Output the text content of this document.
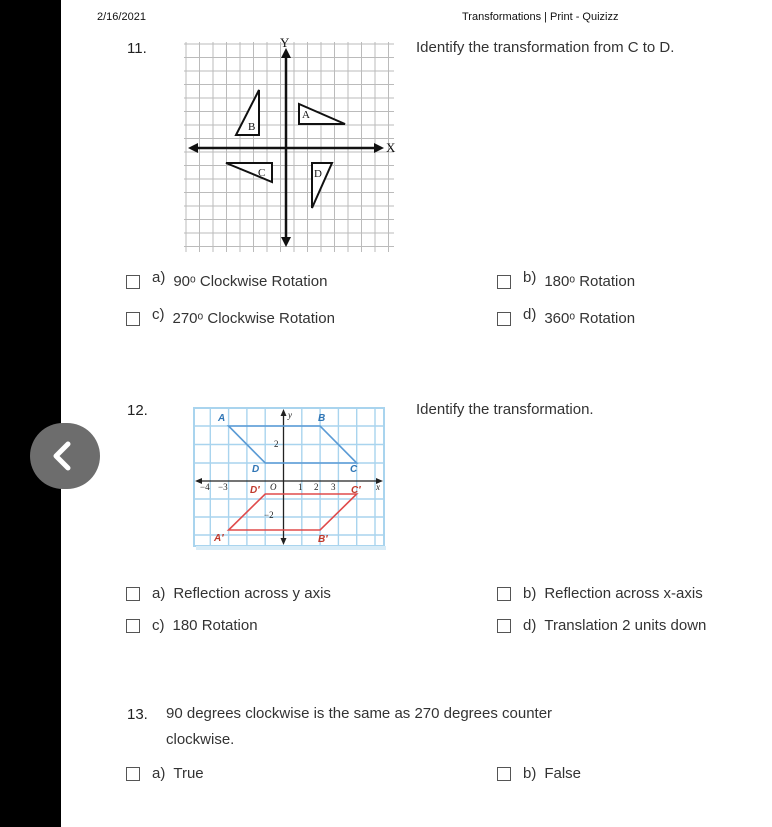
2/16/2021	Transformations | Print - Quizizz
11.	Identify the transformation from C to D.
Y
X
A
B
C	D
a) 90ᵒ Clockwise Rotation	b) 180ᵒ Rotation
c) 270ᵒ Clockwise Rotation	d) 360ᵒ Rotation
12.	Identify the transformation.
A	B
C
D
A′	B′
C′
D′
y
x
O
−4 −3	1 2 3
2
−2
a) Reflection across y axis	b) Reflection across x-axis
c) 180 Rotation	d) Translation 2 units down
13. 90 degrees clockwise is the same as 270 degrees counter
clockwise.
a) True	b) False
